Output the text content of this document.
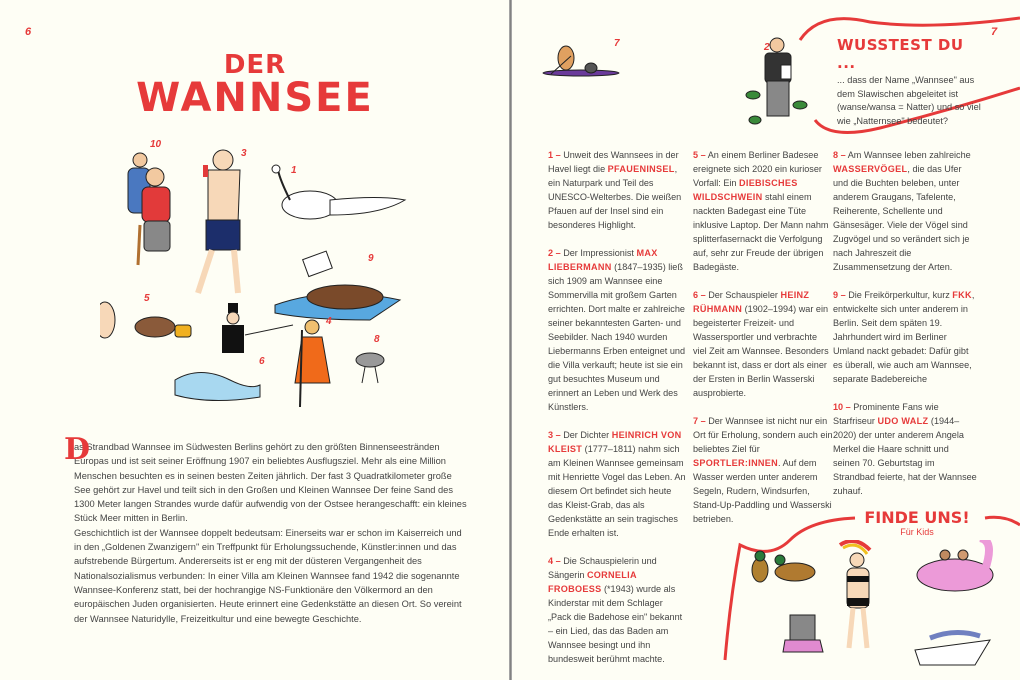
6
DER
WANNSEE
10
3
1
9
5
6
4
8
D

as Strandbad Wannsee im Südwesten Berlins gehört zu den größten Binnenseestränden Europas und ist seit seiner Eröffnung 1907 ein beliebtes Ausflugsziel. Mehr als eine Million Menschen besuchten es in seinen besten Zeiten jährlich. Der fast 3 Quadratkilometer große See gehört zur Havel und teilt sich in den Großen und Kleinen Wannsee Der feine Sand des 1300 Meter langen Strandes wurde dafür aufwendig von der Ostsee herangeschafft: ein kleines Stück Meer mitten in Berlin.

Geschichtlich ist der Wannsee doppelt bedeutsam: Einerseits war er schon im Kaiserreich und in den „Goldenen Zwanzigern" ein Treffpunkt für Erholungssuchende, Künstler:innen und das aufstrebende Bürgertum. Andererseits ist er eng mit der düsteren Vergangenheit des Nationalsozialismus verbunden: In einer Villa am Kleinen Wannsee fand 1942 die sogenannte Wannsee-Konferenz statt, bei der hochrangige NS-Funktionäre den Völkermord an den europäischen Juden organisierten. Heute erinnert eine Gedenkstätte an diesen Ort. So vereint der Wannsee Naturidylle, Freizeitkultur und eine bewegte Geschichte.

7
7	2	WUSSTEST DU ...

... dass der Name „Wannsee" aus dem Slawischen abgeleitet ist (wanse/wansa = Natter) und so viel wie „Natternsee" bedeutet?

1 – Unweit des Wannsees in der Havel liegt die PFAUENINSEL, ein Naturpark und Teil des UNESCO-Welterbes. Die weißen Pfauen auf der Insel sind ein besonderes Highlight.
2 – Der Impressionist MAX LIEBERMANN (1847–1935) ließ sich 1909 am Wannsee eine Sommervilla mit großem Garten errichten. Dort malte er zahlreiche seiner bekanntesten Garten- und Seebilder. Nach 1940 wurden Liebermanns Erben enteignet und die Villa verkauft; heute ist sie ein gut besuchtes Museum und erinnert an Leben und Werk des Künstlers.
3 – Der Dichter HEINRICH VON KLEIST (1777–1811) nahm sich am Kleinen Wannsee gemeinsam mit Henriette Vogel das Leben. An diesem Ort befindet sich heute das Kleist-Grab, das als Gedenkstätte an sein tragisches Ende erhalten ist.
4 – Die Schauspielerin und Sängerin CORNELIA FROBOESS (*1943) wurde als Kinderstar mit dem Schlager „Pack die Badehose ein" bekannt – ein Lied, das das Baden am Wannsee besingt und ihn bundesweit berühmt machte.
5 – An einem Berliner Badesee ereignete sich 2020 ein kurioser Vorfall: Ein DIEBISCHES WILDSCHWEIN stahl einem nackten Badegast eine Tüte inklusive Laptop. Der Mann nahm splitterfasernackt die Verfolgung auf, sehr zur Freude der übrigen Badegäste.
6 – Der Schauspieler HEINZ RÜHMANN (1902–1994) war ein begeisterter Freizeit- und Wassersportler und verbrachte viel Zeit am Wannsee. Besonders bekannt ist, dass er dort als einer der Ersten in Berlin Wasserski ausprobierte.
7 – Der Wannsee ist nicht nur ein Ort für Erholung, sondern auch ein beliebtes Ziel für SPORTLER:INNEN. Auf dem Wasser werden unter anderem Segeln, Rudern, Windsurfen, Stand-Up-Paddling und Wasserski betrieben.
8 – Am Wannsee leben zahlreiche WASSERVÖGEL, die das Ufer und die Buchten beleben, unter anderem Graugans, Tafelente, Reiherente, Schellente und Gänsesäger. Viele der Vögel sind Zugvögel und so verändert sich je nach Jahreszeit die Zusammensetzung der Arten.
9 – Die Freikörperkultur, kurz FKK, entwickelte sich unter anderem in Berlin. Seit dem späten 19. Jahrhundert wird im Berliner Umland nackt gebadet: Dafür gibt es überall, wie auch am Wannsee, separate Badebereiche
10 – Prominente Fans wie Starfriseur UDO WALZ (1944–2020) der unter anderem Angela Merkel die Haare schnitt und seinen 70. Geburtstag im Strandbad feierte, hat der Wannsee zuhauf.
FINDE UNS!
Für Kids
